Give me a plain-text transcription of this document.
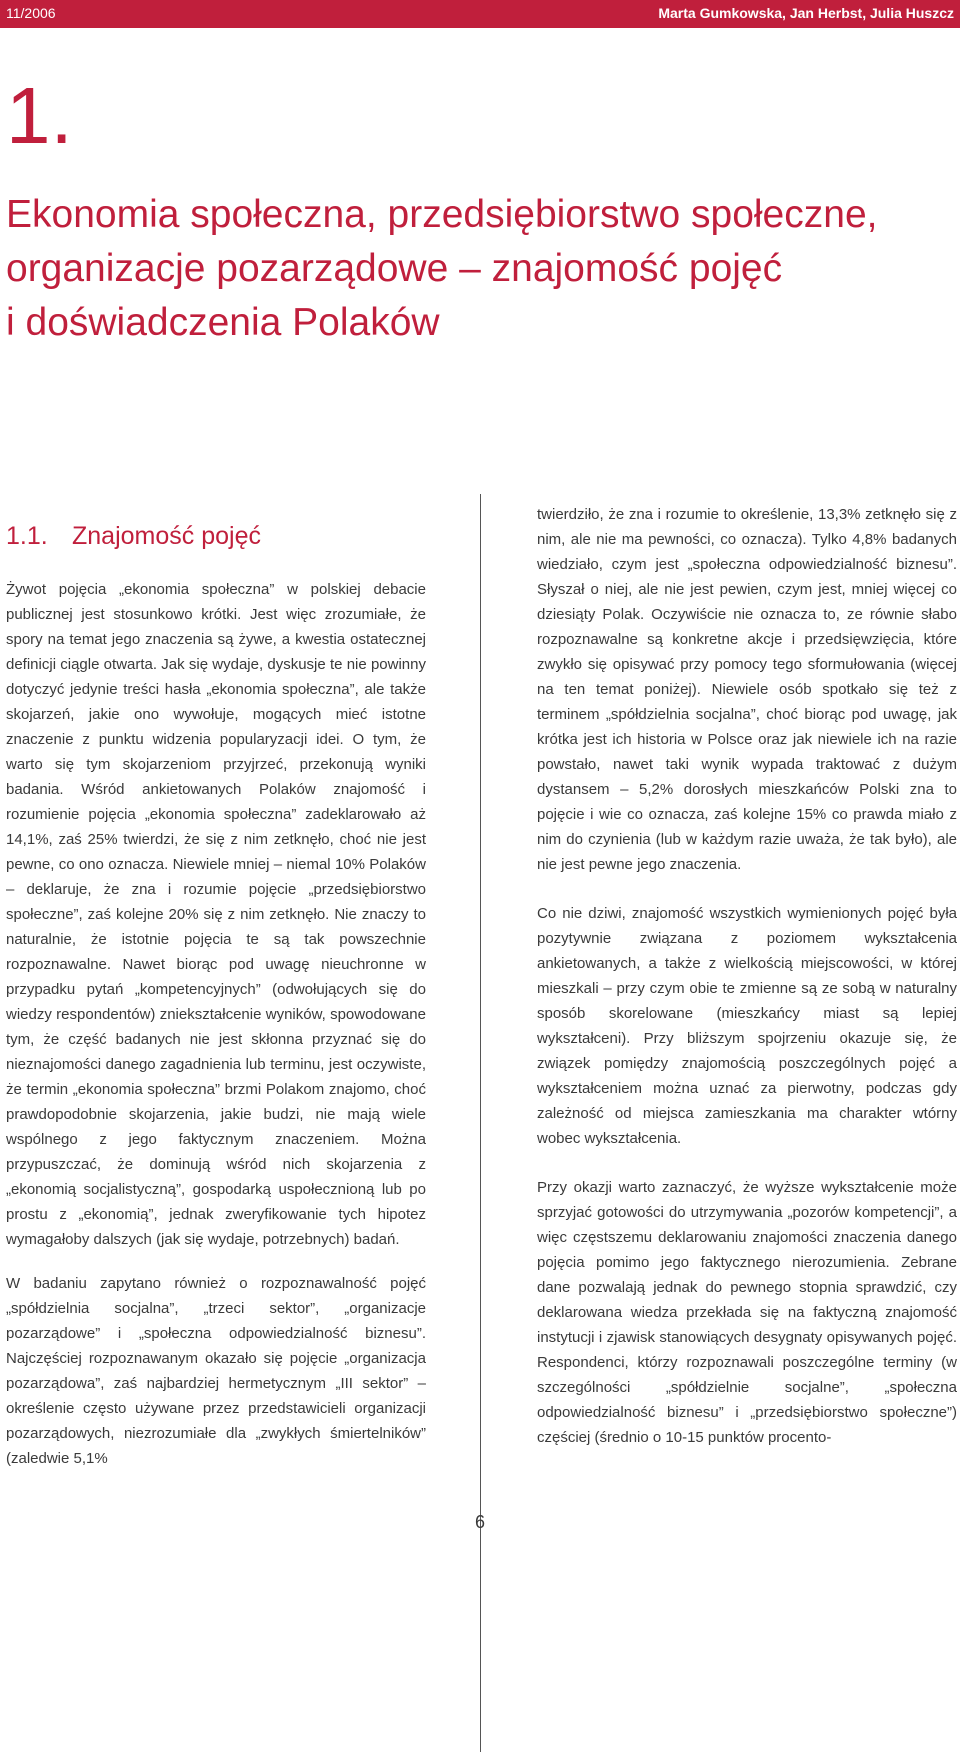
11/2006	Marta Gumkowska, Jan Herbst, Julia Huszcz
1.
Ekonomia społeczna, przedsiębiorstwo społeczne,
organizacje pozarządowe – znajomość pojęć
i doświadczenia Polaków
1.1. Znajomość pojęć

Żywot pojęcia „ekonomia społeczna” w polskiej debacie publicznej jest stosunkowo krótki. Jest więc zrozumiałe, że spory na temat jego znaczenia są żywe, a kwestia ostatecznej definicji ciągle otwarta. Jak się wydaje, dyskusje te nie powinny dotyczyć jedynie treści hasła „ekonomia społeczna”, ale także skojarzeń, jakie ono wywołuje, mogących mieć istotne znaczenie z punktu widzenia popularyzacji idei. O tym, że warto się tym skojarzeniom przyjrzeć, przekonują wyniki badania. Wśród ankietowanych Polaków znajomość i rozumienie pojęcia „ekonomia społeczna” zadeklarowało aż 14,1%, zaś 25% twierdzi, że się z nim zetknęło, choć nie jest pewne, co ono oznacza. Niewiele mniej – niemal 10% Polaków – deklaruje, że zna i rozumie pojęcie „przedsiębiorstwo społeczne”, zaś kolejne 20% się z nim zetknęło. Nie znaczy to naturalnie, że istotnie pojęcia te są tak powszechnie rozpoznawalne. Nawet biorąc pod uwagę nieuchronne w przypadku pytań „kompetencyjnych” (odwołujących się do wiedzy respondentów) zniekształcenie wyników, spowodowane tym, że część badanych nie jest skłonna przyznać się do nieznajomości danego zagadnienia lub terminu, jest oczywiste, że termin „ekonomia społeczna” brzmi Polakom znajomo, choć prawdopodobnie skojarzenia, jakie budzi, nie mają wiele wspólnego z jego faktycznym znaczeniem. Można przypuszczać, że dominują wśród nich skojarzenia z „ekonomią socjalistyczną”, gospodarką uspołecznioną lub po prostu z „ekonomią”, jednak zweryfikowanie tych hipotez wymagałoby dalszych (jak się wydaje, potrzebnych) badań.

W badaniu zapytano również o rozpoznawalność pojęć „spółdzielnia socjalna”, „trzeci sektor”, „organizacje pozarządowe” i „społeczna odpowiedzialność biznesu”. Najczęściej rozpoznawanym okazało się pojęcie „organizacja pozarządowa”, zaś najbardziej hermetycznym „III sektor” – określenie często używane przez przedstawicieli organizacji pozarządowych, niezrozumiałe dla „zwykłych śmiertelników” (zaledwie 5,1%

twierdziło, że zna i rozumie to określenie, 13,3% zetknęło się z nim, ale nie ma pewności, co oznacza). Tylko 4,8% badanych wiedziało, czym jest „społeczna odpowiedzialność biznesu”. Słyszał o niej, ale nie jest pewien, czym jest, mniej więcej co dziesiąty Polak. Oczywiście nie oznacza to, ze równie słabo rozpoznawalne są konkretne akcje i przedsięwzięcia, które zwykło się opisywać przy pomocy tego sformułowania (więcej na ten temat poniżej). Niewiele osób spotkało się też z terminem „spółdzielnia socjalna”, choć biorąc pod uwagę, jak krótka jest ich historia w Polsce oraz jak niewiele ich na razie powstało, nawet taki wynik wypada traktować z dużym dystansem – 5,2% dorosłych mieszkańców Polski zna to pojęcie i wie co oznacza, zaś kolejne 15% co prawda miało z nim do czynienia (lub w każdym razie uważa, że tak było), ale nie jest pewne jego znaczenia.

Co nie dziwi, znajomość wszystkich wymienionych pojęć była pozytywnie związana z poziomem wykształcenia ankietowanych, a także z wielkością miejscowości, w której mieszkali – przy czym obie te zmienne są ze sobą w naturalny sposób skorelowane (mieszkańcy miast są lepiej wykształceni). Przy bliższym spojrzeniu okazuje się, że związek pomiędzy znajomością poszczególnych pojęć a wykształceniem można uznać za pierwotny, podczas gdy zależność od miejsca zamieszkania ma charakter wtórny wobec wykształcenia.

Przy okazji warto zaznaczyć, że wyższe wykształcenie może sprzyjać gotowości do utrzymywania „pozorów kompetencji”, a więc częstszemu deklarowaniu znajomości znaczenia danego pojęcia pomimo jego faktycznego nierozumienia. Zebrane dane pozwalają jednak do pewnego stopnia sprawdzić, czy deklarowana wiedza przekłada się na faktyczną znajomość instytucji i zjawisk stanowiących desygnaty opisywanych pojęć. Respondenci, którzy rozpoznawali poszczególne terminy (w szczególności „spółdzielnie socjalne”, „społeczna odpowiedzialność biznesu” i „przedsiębiorstwo społeczne”) częściej (średnio o 10-15 punktów procento-

6
